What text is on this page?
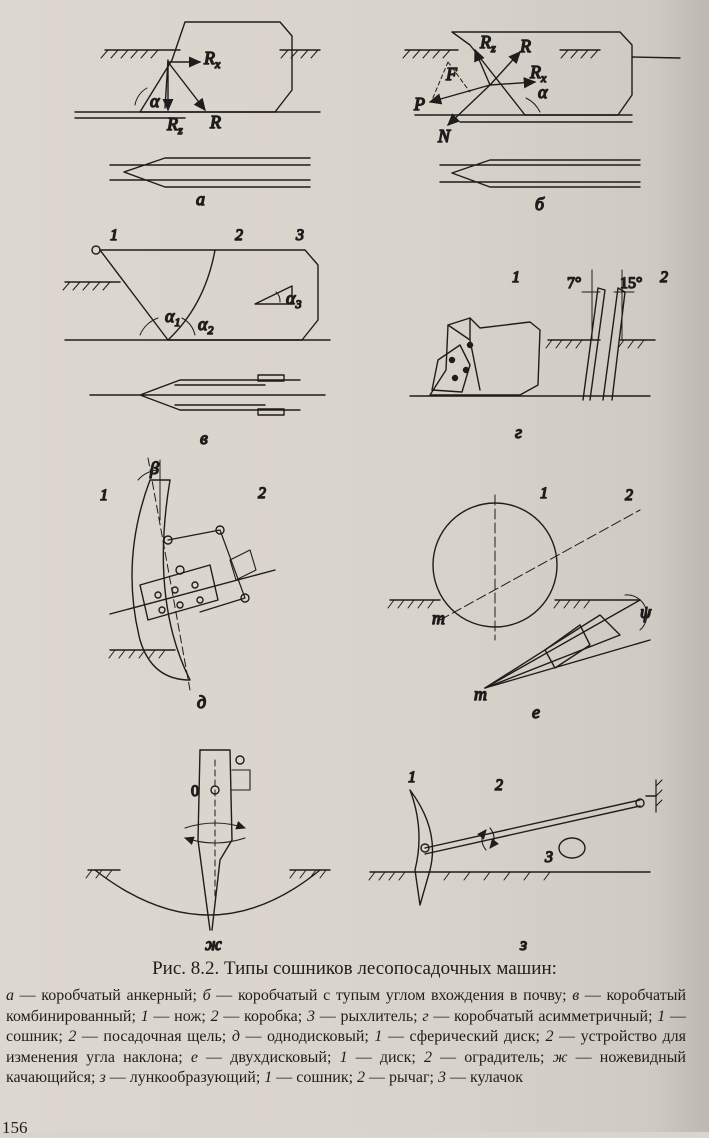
$R_x$
$R_z$ R
α
а
$R_z$ R
$R_x$
F
P
N
α
б
1	2	3
$\alpha_1$ $\alpha_2$
$\alpha_3$
в
1	2
7° 15°
г
1	2
β
д
1	2
m
m
ψ
е
0
ж
1	2
3
з
Рис. 8.2. Типы сошников лесопосадочных машин:
а — коробчатый анкерный; б — коробчатый с тупым углом вхождения в почву; в — коробчатый комбинированный; 1 — нож; 2 — коробка; 3 — рыхлитель; г — коробчатый асимметричный; 1 — сошник; 2 — посадочная щель; д — однодисковый; 1 — сферический диск; 2 — устройство для изменения угла наклона; е — двухдисковый; 1 — диск; 2 — оградитель; ж — ножевидный качающийся; з — лункообразующий; 1 — сошник; 2 — рычаг; 3 — кулачок
156
